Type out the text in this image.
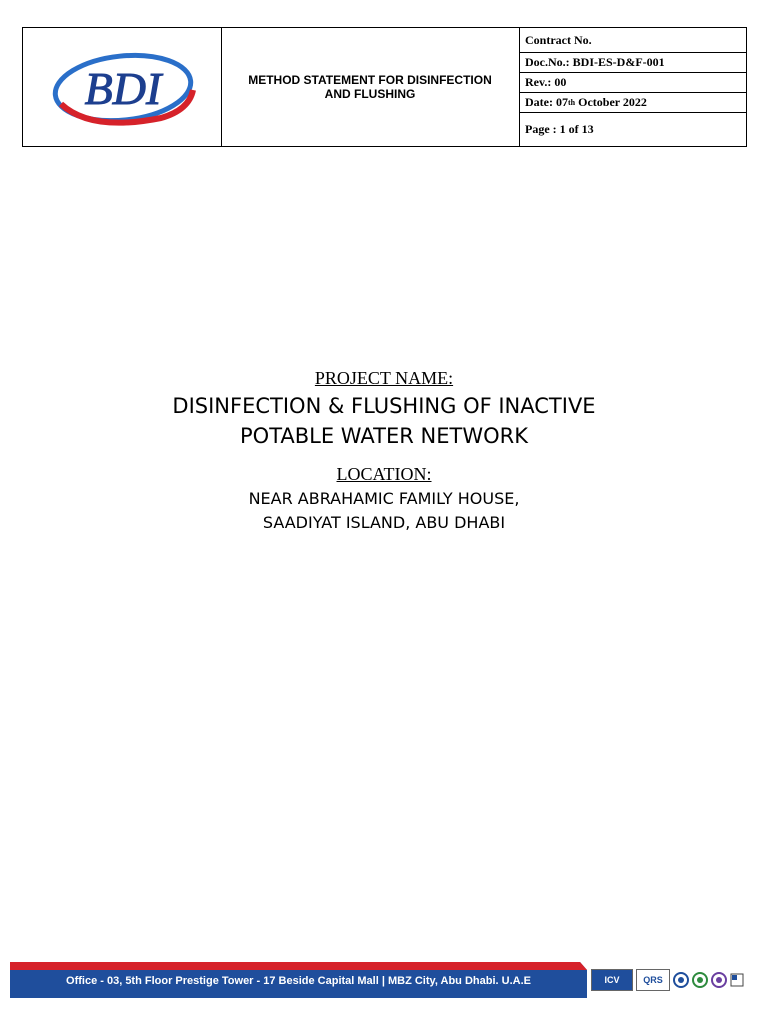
BDI	METHOD STATEMENT FOR DISINFECTION
AND FLUSHING
Contract No.
Doc.No.: BDI-ES-D&F-001
Rev.: 00
Date: 07 th October 2022
Page : 1 of 13
PROJECT NAME:
DISINFECTION & FLUSHING OF INACTIVE
POTABLE WATER NETWORK
LOCATION:
NEAR ABRAHAMIC FAMILY HOUSE,
SAADIYAT ISLAND, ABU DHABI
Office - 03, 5th Floor Prestige Tower - 17 Beside Capital Mall | MBZ City, Abu Dhabi. U.A.E	ICV	QRS
